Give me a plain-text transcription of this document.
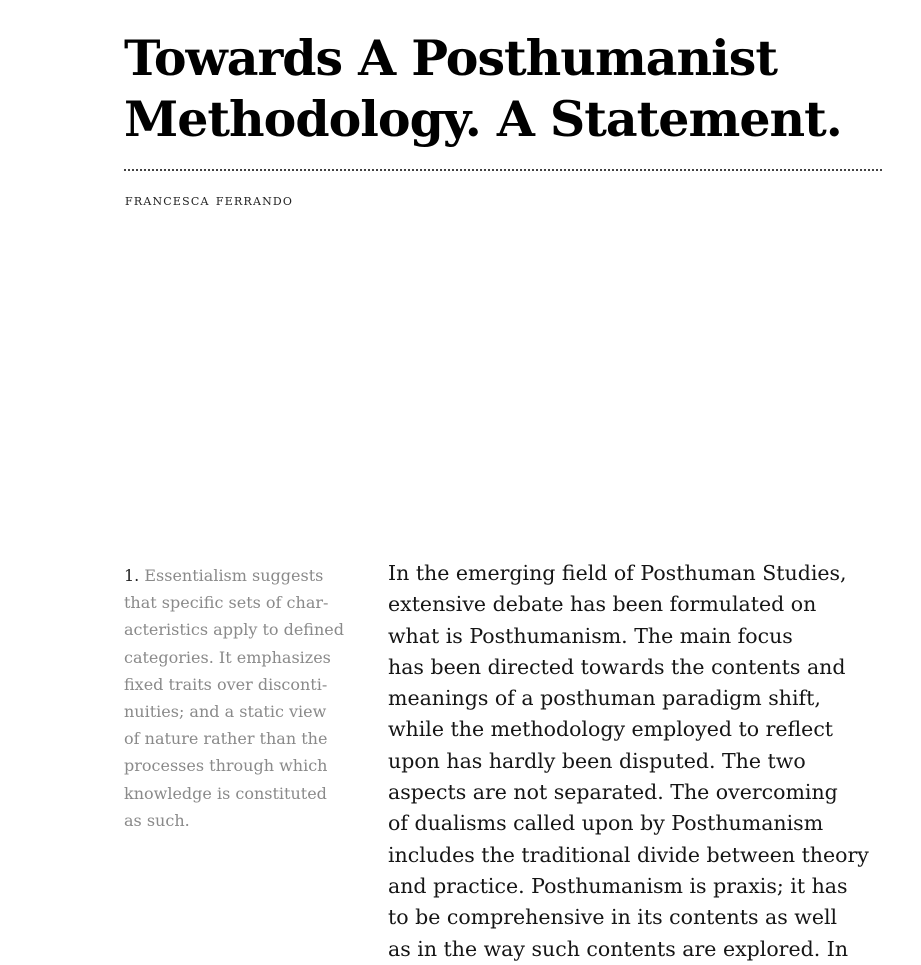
Towards A Posthumanist
Methodology. A Statement.

francesca ferrando

1. Essentialism suggests
that specific sets of char-
acteristics apply to defined
categories. It emphasizes
fixed traits over disconti-
nuities; and a static view
of nature rather than the
processes through which
knowledge is constituted
as such.
In the emerging field of Posthuman Studies,
extensive debate has been formulated on
what is Posthumanism. The main focus
has been directed towards the contents and
meanings of a posthuman paradigm shift,
while the methodology employed to reflect
upon has hardly been disputed. The two
aspects are not separated. The overcoming
of dualisms called upon by Posthumanism
includes the traditional divide between theory
and practice. Posthumanism is praxis; it has
to be comprehensive in its contents as well
as in the way such contents are explored. In
